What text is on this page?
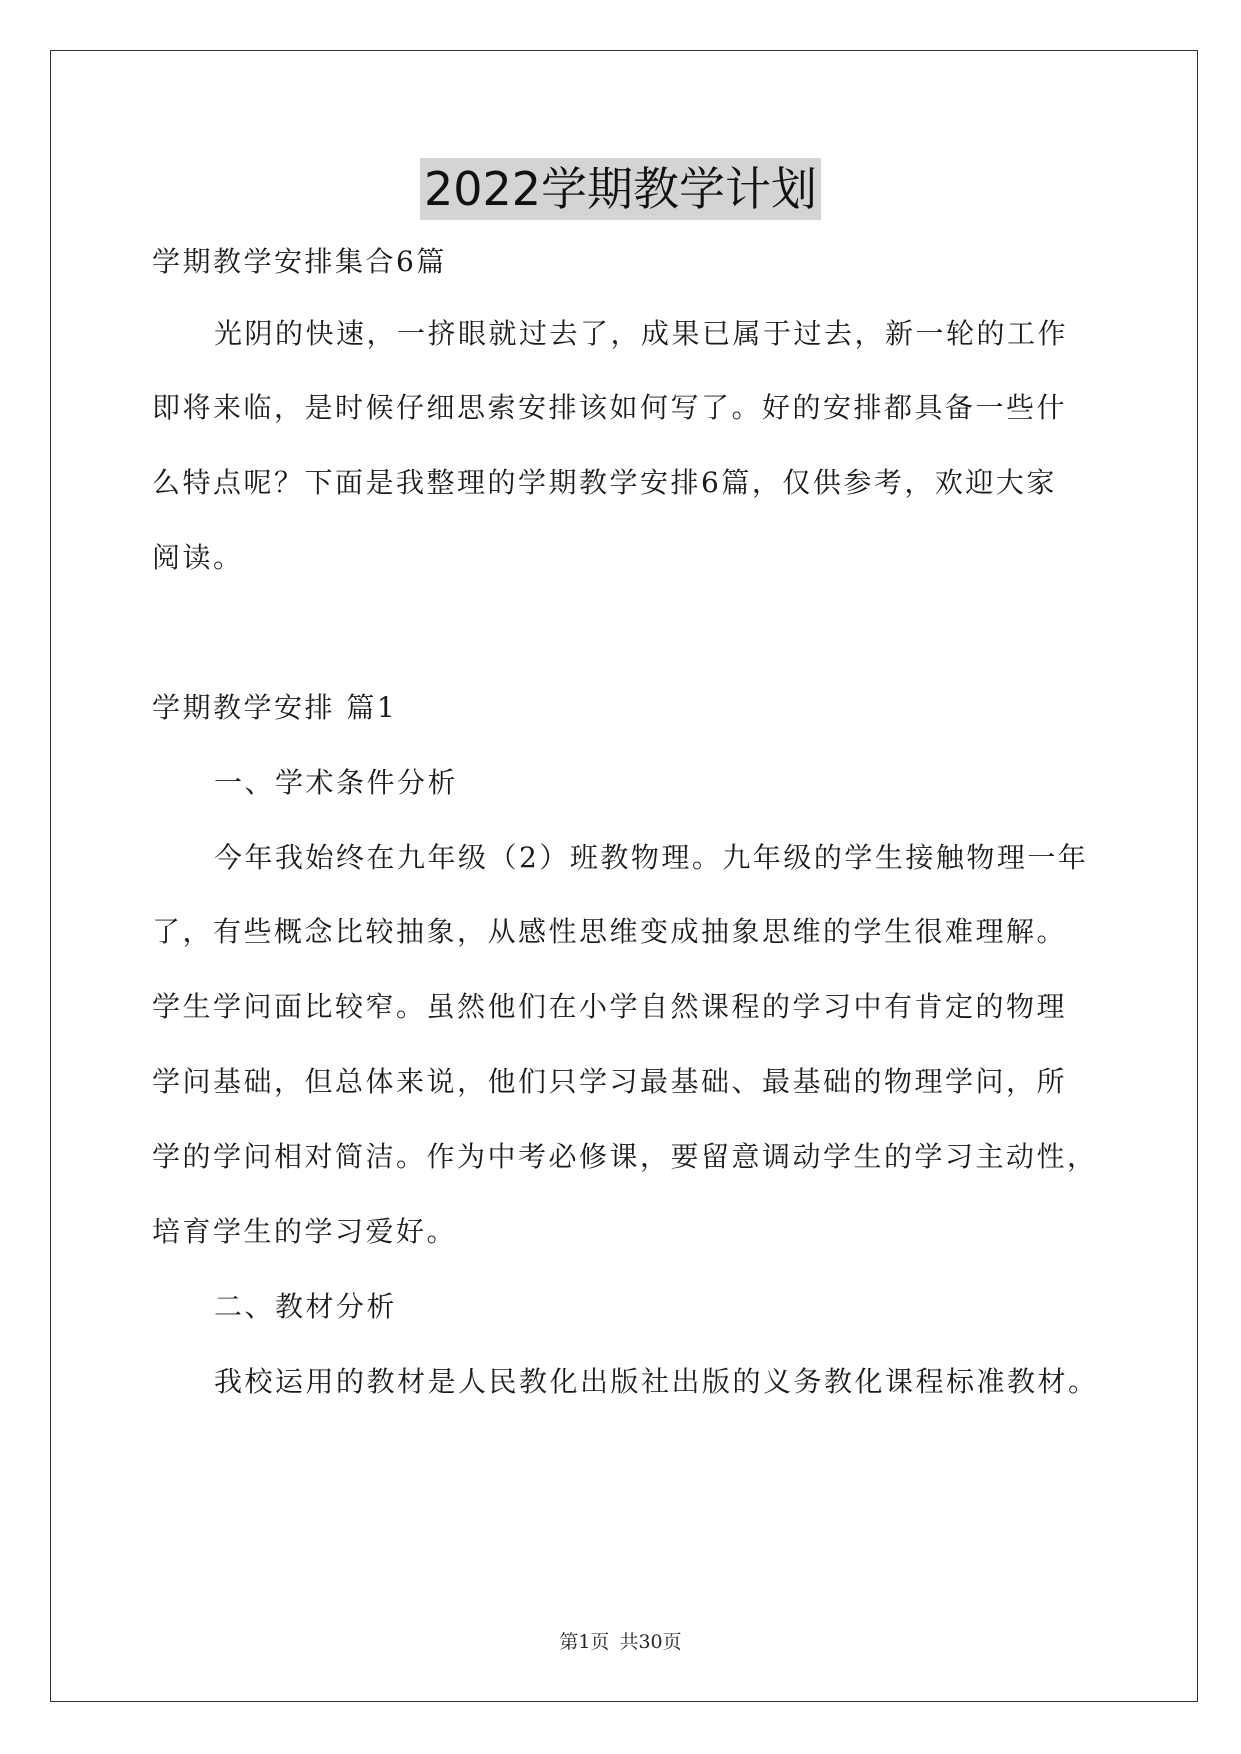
2022学期教学计划
学期教学安排集合6篇
光阴的快速，一挤眼就过去了，成果已属于过去，新一轮的工作
即将来临，是时候仔细思索安排该如何写了。好的安排都具备一些什
么特点呢？下面是我整理的学期教学安排6篇，仅供参考，欢迎大家
阅读。
学期教学安排 篇1
一、学术条件分析
今年我始终在九年级（2）班教物理。九年级的学生接触物理一年
了，有些概念比较抽象，从感性思维变成抽象思维的学生很难理解。
学生学问面比较窄。虽然他们在小学自然课程的学习中有肯定的物理
学问基础，但总体来说，他们只学习最基础、最基础的物理学问，所
学的学问相对简洁。作为中考必修课，要留意调动学生的学习主动性，
培育学生的学习爱好。
二、教材分析
我校运用的教材是人民教化出版社出版的义务教化课程标准教材。
第1页 共30页
